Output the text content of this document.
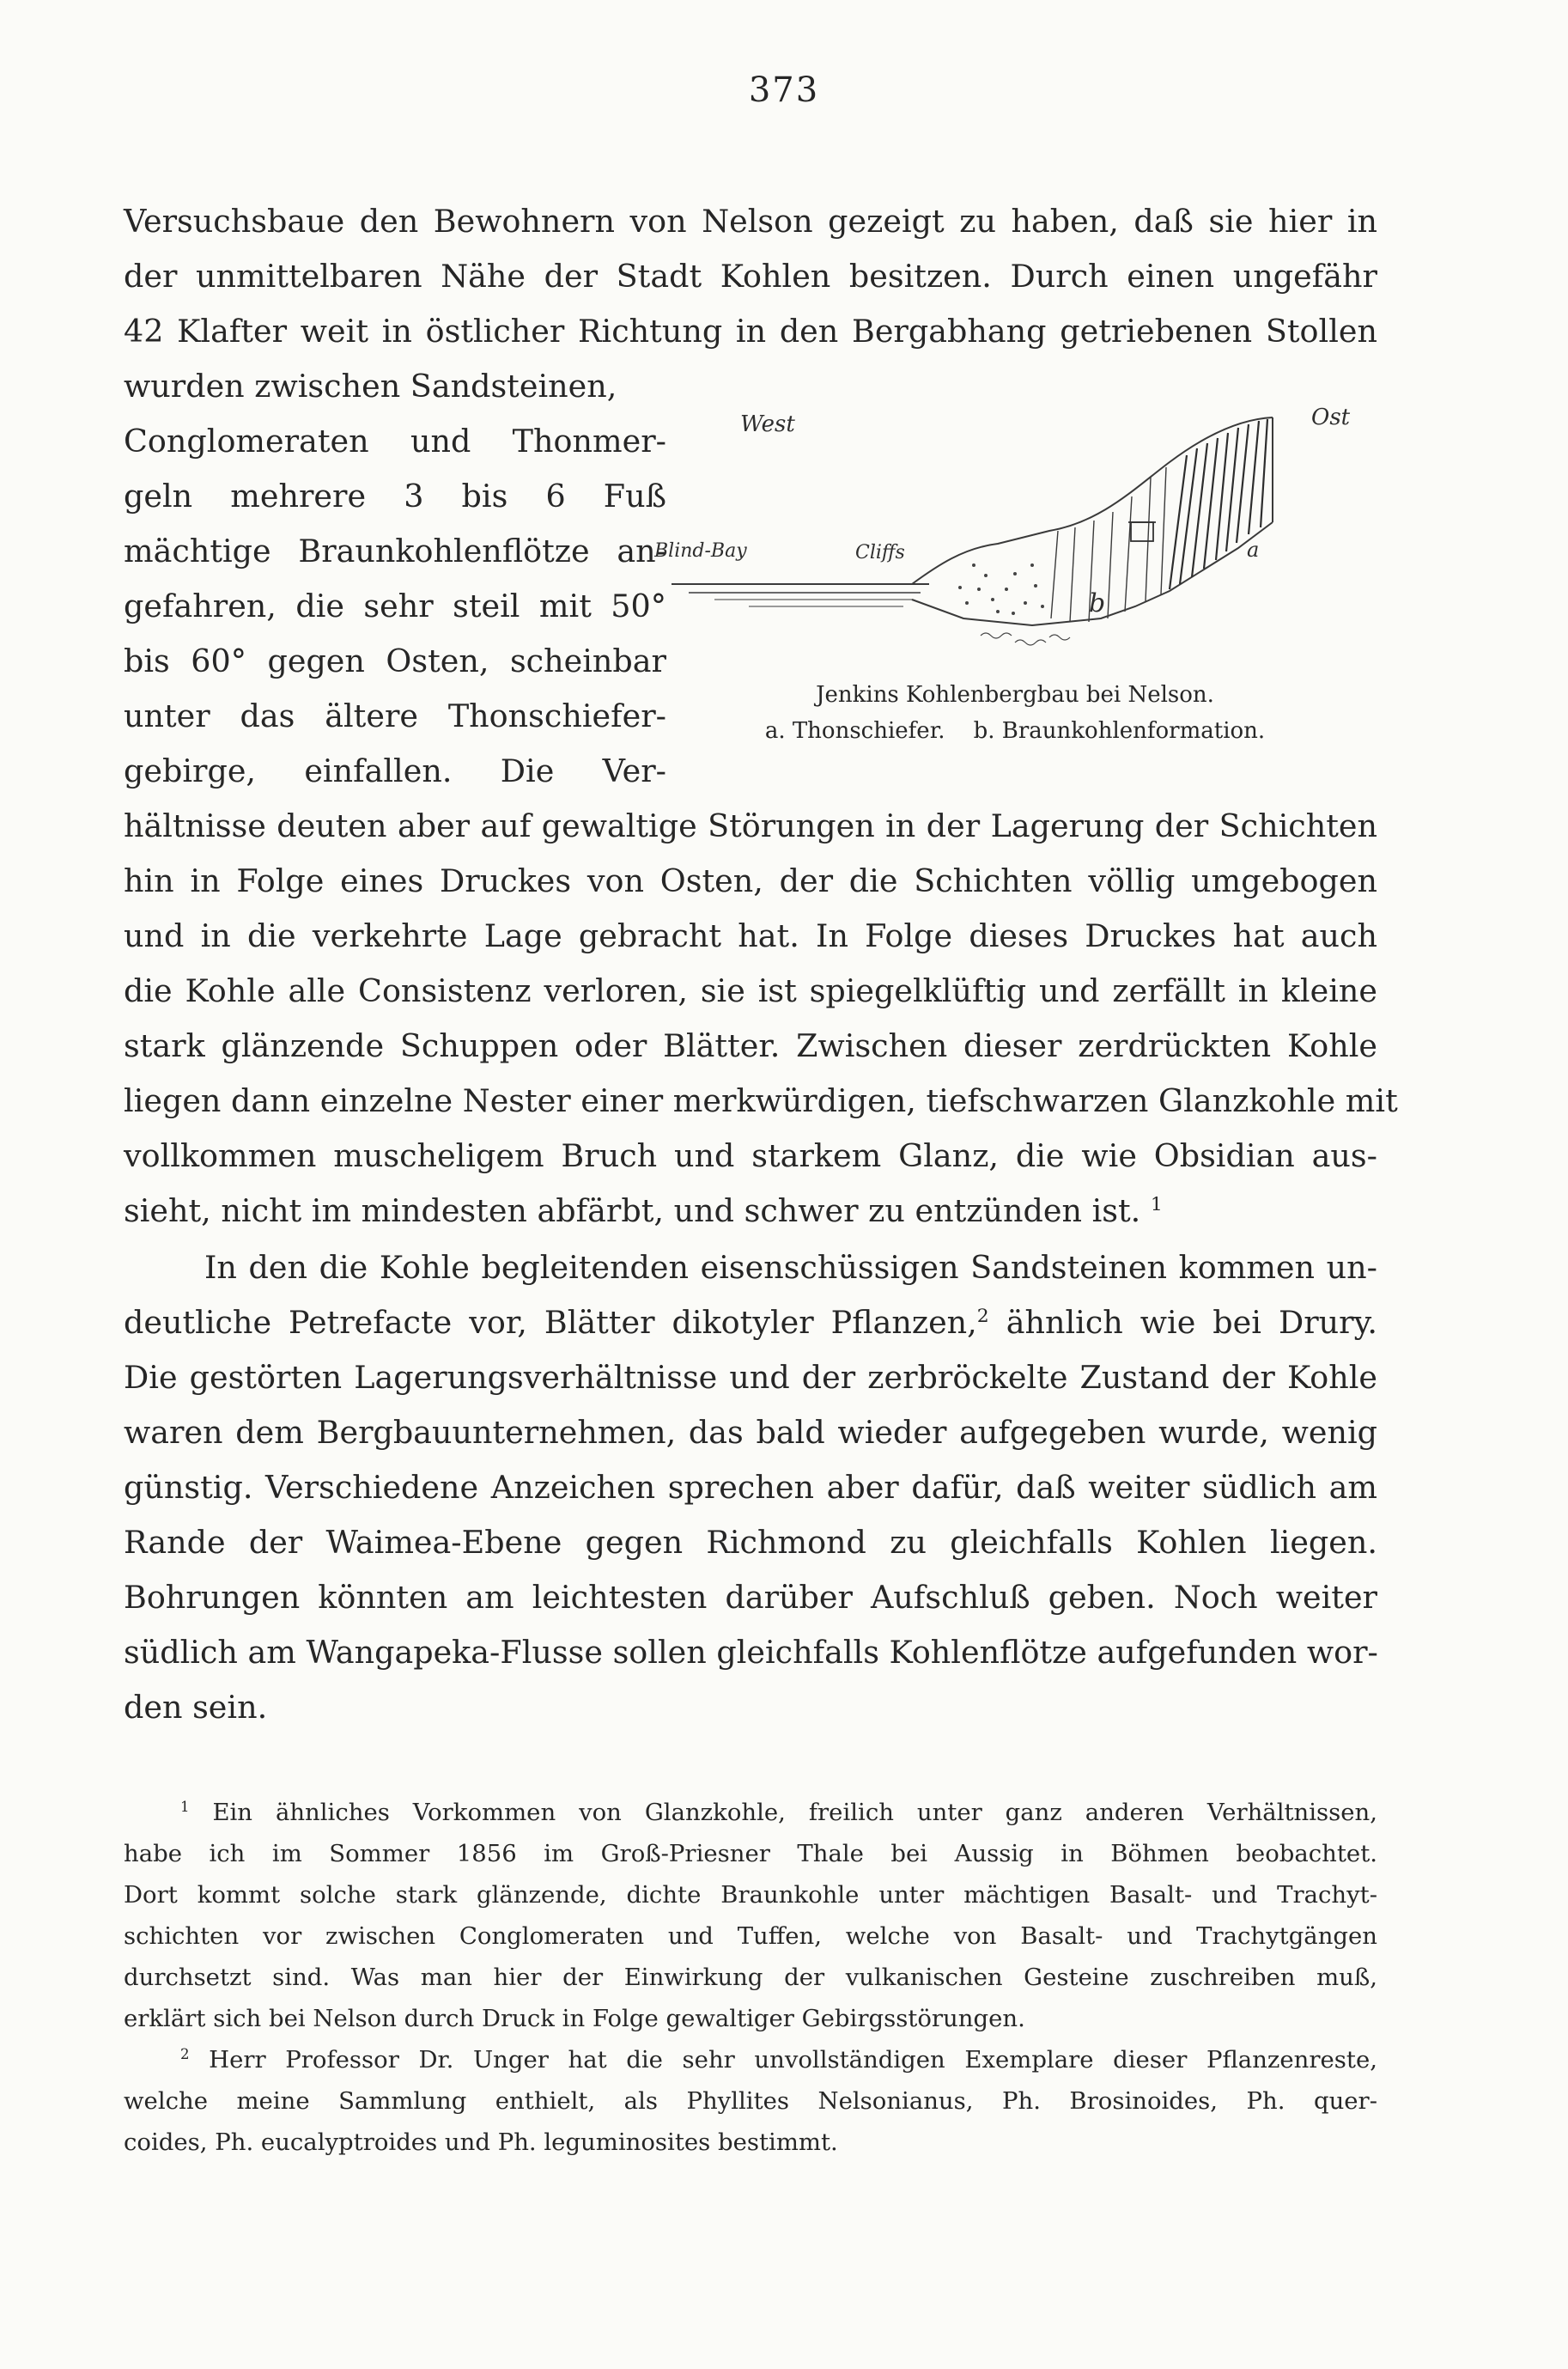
373
Versuchsbaue den Bewohnern von Nelson gezeigt zu haben, daß sie hier in
der unmittelbaren Nähe der Stadt Kohlen besitzen. Durch einen ungefähr
42 Klafter weit in östlicher Richtung in den Bergabhang getriebenen Stollen
wurden zwischen Sandsteinen,
Conglomeraten und Thonmer-
geln mehrere 3 bis 6 Fuß
mächtige Braunkohlenflötze an-
gefahren, die sehr steil mit 50°
bis 60° gegen Osten, scheinbar
unter das ältere Thonschiefer-
gebirge, einfallen. Die Ver-
hältnisse deuten aber auf gewaltige Störungen in der Lagerung der Schichten
hin in Folge eines Druckes von Osten, der die Schichten völlig umgebogen
und in die verkehrte Lage gebracht hat. In Folge dieses Druckes hat auch
die Kohle alle Consistenz verloren, sie ist spiegelklüftig und zerfällt in kleine
stark glänzende Schuppen oder Blätter. Zwischen dieser zerdrückten Kohle
liegen dann einzelne Nester einer merkwürdigen, tiefschwarzen Glanzkohle mit
vollkommen muscheligem Bruch und starkem Glanz, die wie Obsidian aus-
sieht, nicht im mindesten abfärbt, und schwer zu entzünden ist. $^1$
West	Ost
Blind-Bay	Cliffs	a
b
Jenkins Kohlenbergbau bei Nelson.
a. Thonschiefer.    b. Braunkohlenformation.
In den die Kohle begleitenden eisenschüssigen Sandsteinen kommen un-
deutliche Petrefacte vor, Blätter dikotyler Pflanzen,$^2$ ähnlich wie bei Drury.
Die gestörten Lagerungsverhältnisse und der zerbröckelte Zustand der Kohle
waren dem Bergbauunternehmen, das bald wieder aufgegeben wurde, wenig
günstig. Verschiedene Anzeichen sprechen aber dafür, daß weiter südlich am
Rande der Waimea-Ebene gegen Richmond zu gleichfalls Kohlen liegen.
Bohrungen könnten am leichtesten darüber Aufschluß geben. Noch weiter
südlich am Wangapeka-Flusse sollen gleichfalls Kohlenflötze aufgefunden wor-
den sein.
$^1$ Ein ähnliches Vorkommen von Glanzkohle, freilich unter ganz anderen Verhältnissen,
habe ich im Sommer 1856 im Groß-Priesner Thale bei Aussig in Böhmen beobachtet.
Dort kommt solche stark glänzende, dichte Braunkohle unter mächtigen Basalt- und Trachyt-
schichten vor zwischen Conglomeraten und Tuffen, welche von Basalt- und Trachytgängen
durchsetzt sind. Was man hier der Einwirkung der vulkanischen Gesteine zuschreiben muß,
erklärt sich bei Nelson durch Druck in Folge gewaltiger Gebirgsstörungen.
$^2$ Herr Professor Dr. Unger hat die sehr unvollständigen Exemplare dieser Pflanzenreste,
welche meine Sammlung enthielt, als Phyllites Nelsonianus, Ph. Brosinoides, Ph. quer-
coides, Ph. eucalyptroides und Ph. leguminosites bestimmt.
